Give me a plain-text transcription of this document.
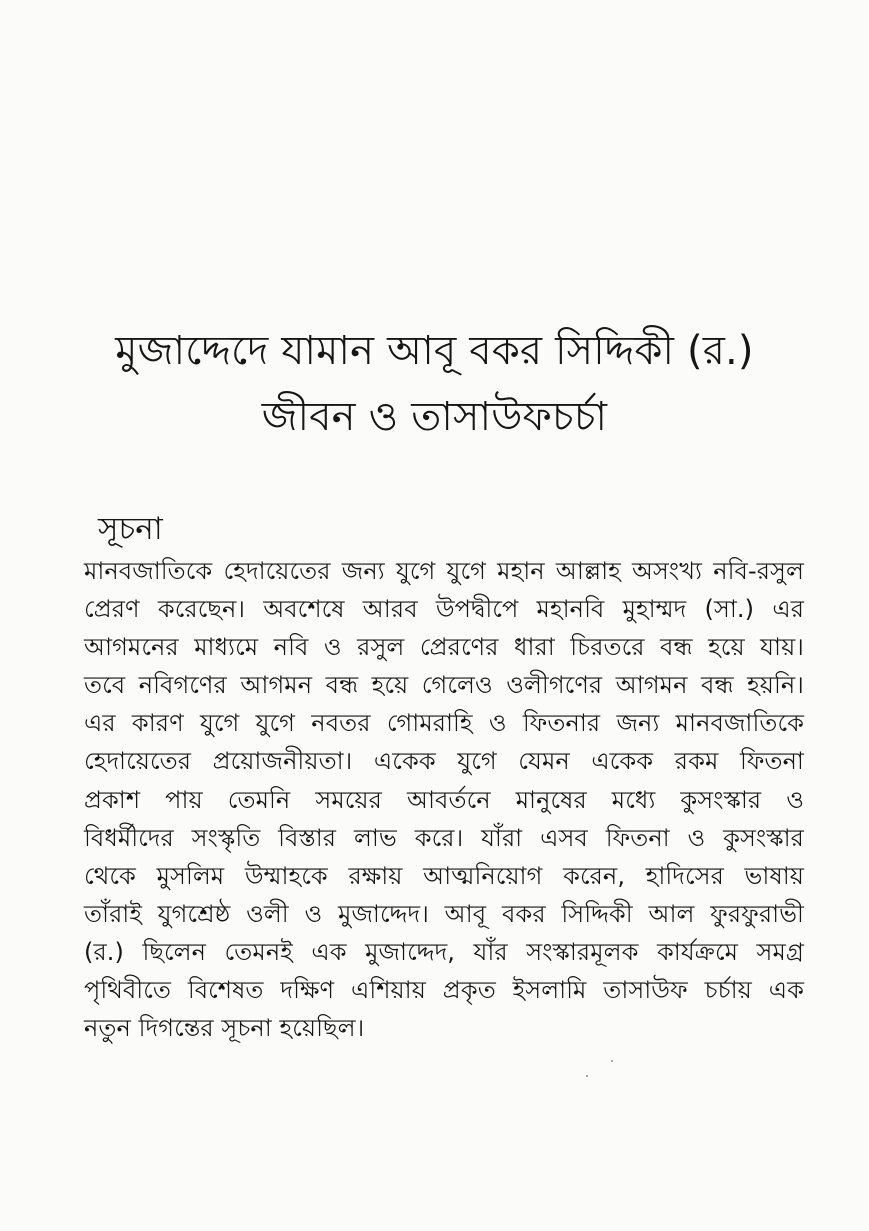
মুজাদ্দেদে যামান আবূ বকর সিদ্দিকী (র.)
জীবন ও তাসাউফচর্চা
সূচনা
মানবজাতিকে হেদায়েতের জন্য যুগে যুগে মহান আল্লাহ অসংখ্য নবি-রসুল
প্রেরণ করেছেন। অবশেষে আরব উপদ্বীপে মহানবি মুহাম্মদ (সা.) এর
আগমনের মাধ্যমে নবি ও রসুল প্রেরণের ধারা চিরতরে বন্ধ হয়ে যায়।
তবে নবিগণের আগমন বন্ধ হয়ে গেলেও ওলীগণের আগমন বন্ধ হয়নি।
এর কারণ যুগে যুগে নবতর গোমরাহি ও ফিতনার জন্য মানবজাতিকে
হেদায়েতের প্রয়োজনীয়তা। একেক যুগে যেমন একেক রকম ফিতনা
প্রকাশ পায় তেমনি সময়ের আবর্তনে মানুষের মধ্যে কুসংস্কার ও
বিধর্মীদের সংস্কৃতি বিস্তার লাভ করে। যাঁরা এসব ফিতনা ও কুসংস্কার
থেকে মুসলিম উম্মাহকে রক্ষায় আত্মনিয়োগ করেন, হাদিসের ভাষায়
তাঁরাই যুগশ্রেষ্ঠ ওলী ও মুজাদ্দেদ। আবূ বকর সিদ্দিকী আল ফুরফুরাভী
(র.) ছিলেন তেমনই এক মুজাদ্দেদ, যাঁর সংস্কারমূলক কার্যক্রমে সমগ্র
পৃথিবীতে বিশেষত দক্ষিণ এশিয়ায় প্রকৃত ইসলামি তাসাউফ চর্চায় এক
নতুন দিগন্তের সূচনা হয়েছিল।
